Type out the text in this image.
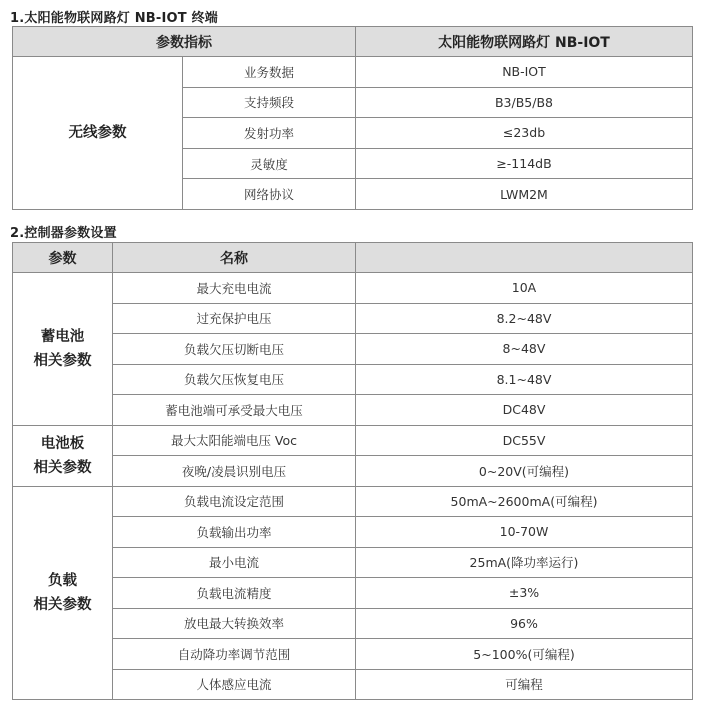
1.太阳能物联网路灯 NB-IOT 终端
参数指标		太阳能物联网路灯 NB-IOT
无线参数	业务数据	NB-IOT
	支持频段	B3/B5/B8
	发射功率	≤23db
	灵敏度	≥-114dB
	网络协议	LWM2M
2.控制器参数设置
参数	名称	

蓄电池
相关参数	最大充电电流	10A
	过充保护电压	8.2~48V
	负载欠压切断电压	8~48V
	负载欠压恢复电压	8.1~48V
	蓄电池端可承受最大电压	DC48V

电池板
相关参数	最大太阳能端电压 Voc	DC55V
	夜晚/凌晨识别电压	0~20V(可编程)

负载
相关参数	负载电流设定范围	50mA~2600mA(可编程)
	负载输出功率	10-70W
	最小电流	25mA(降功率运行)
	负载电流精度	±3%
	放电最大转换效率	96%
	自动降功率调节范围	5~100%(可编程)
	人体感应电流	可编程
